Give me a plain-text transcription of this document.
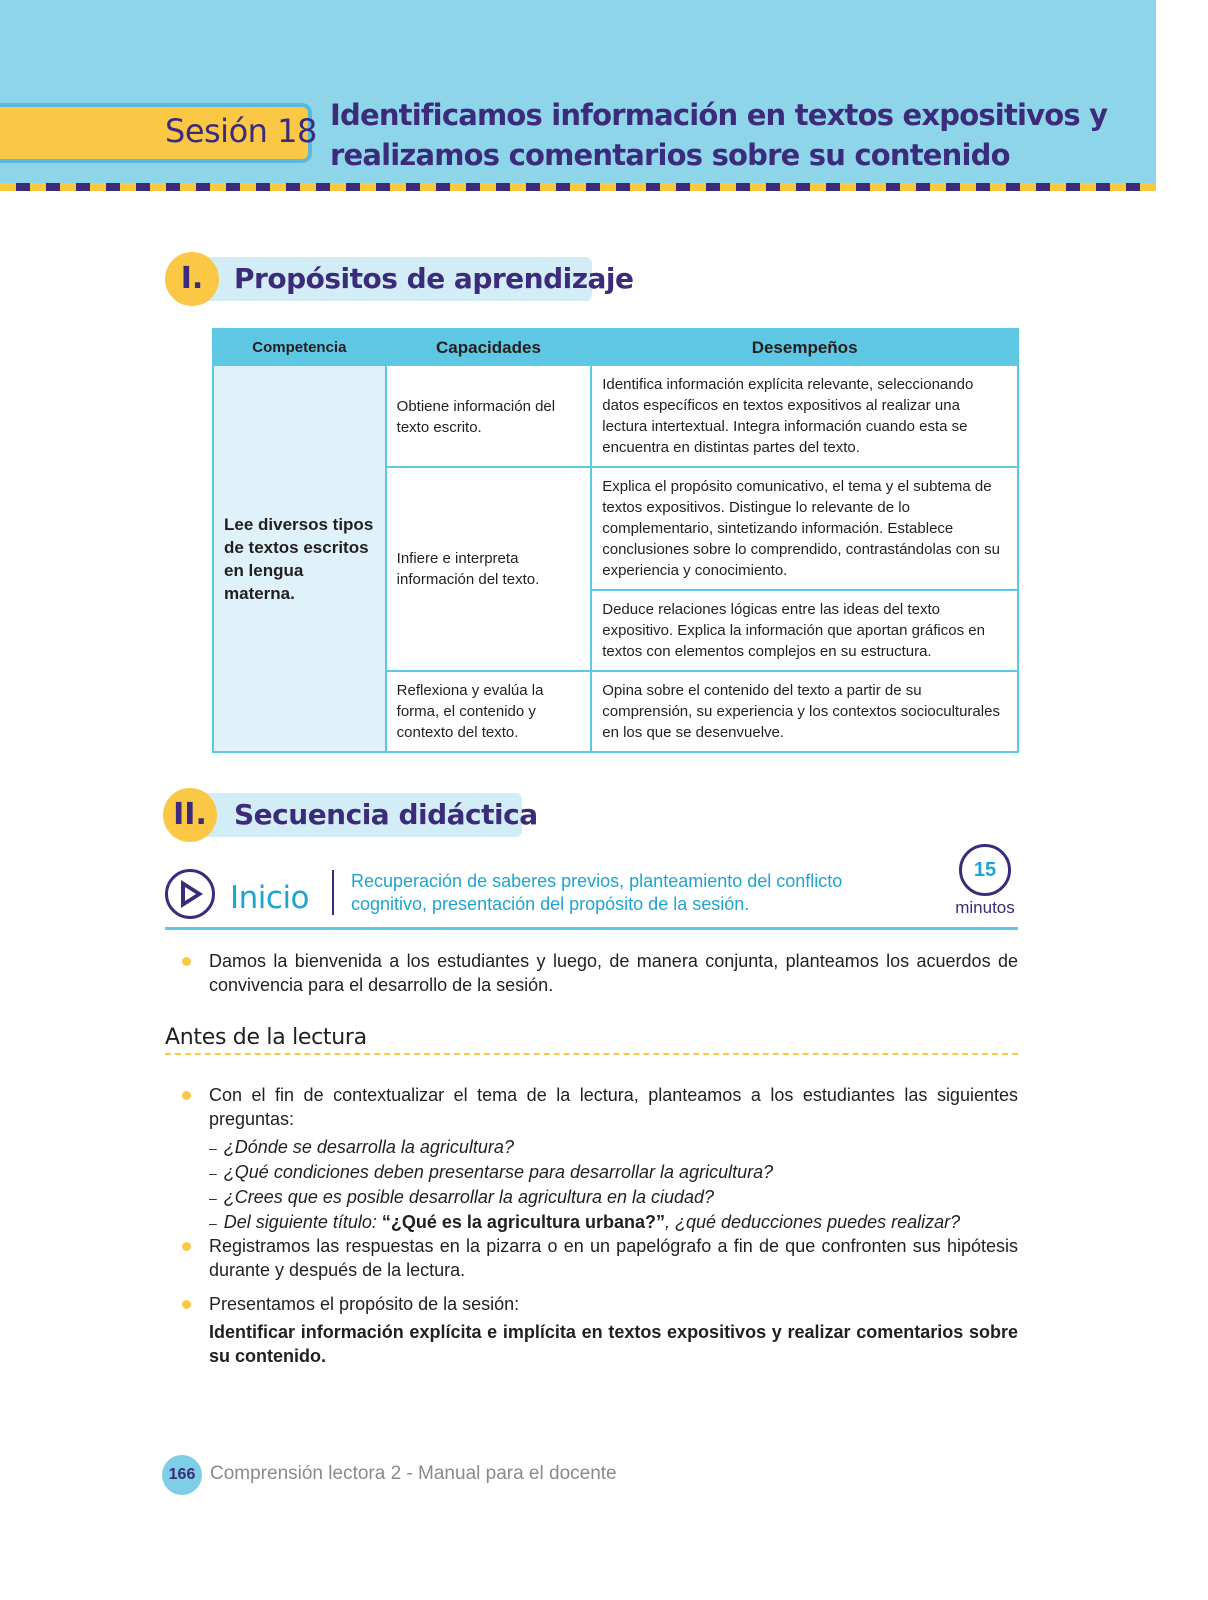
Sesión 18 Identificamos información en textos expositivos y
realizamos comentarios sobre su contenido
I.	Propósitos de aprendizaje
Competencia	Capacidades	Desempeños
Lee diversos tipos de textos escritos en lengua materna.	Obtiene información del texto escrito.	Identifica información explícita relevante, seleccionando datos específicos en textos expositivos al realizar una lectura intertextual. Integra información cuando esta se encuentra en distintas partes del texto.
	Infiere e interpreta información del texto.	Explica el propósito comunicativo, el tema y el subtema de textos expositivos. Distingue lo relevante de lo complementario, sintetizando información. Establece conclusiones sobre lo comprendido, contrastándolas con su experiencia y conocimiento.
		Deduce relaciones lógicas entre las ideas del texto expositivo. Explica la información que aportan gráficos en textos con elementos complejos en su estructura.
	Reflexiona y evalúa la forma, el contenido y contexto del texto.	Opina sobre el contenido del texto a partir de su comprensión, su experiencia y los contextos socioculturales en los que se desenvuelve.
II. Secuencia didáctica
Inicio Recuperación de saberes previos, planteamiento del conflicto cognitivo, presentación del propósito de la sesión.
15
minutos
Damos la bienvenida a los estudiantes y luego, de manera conjunta, planteamos los acuerdos de convivencia para el desarrollo de la sesión.
Antes de la lectura
Con el fin de contextualizar el tema de la lectura, planteamos a los estudiantes las siguientes preguntas:
– ¿Dónde se desarrolla la agricultura?
– ¿Qué condiciones deben presentarse para desarrollar la agricultura?
– ¿Crees que es posible desarrollar la agricultura en la ciudad?
– Del siguiente título: “¿Qué es la agricultura urbana?”, ¿qué deducciones puedes realizar?
Registramos las respuestas en la pizarra o en un papelógrafo a fin de que confronten sus hipótesis durante y después de la lectura.
Presentamos el propósito de la sesión:
Identificar información explícita e implícita en textos expositivos y realizar comentarios sobre su contenido.
166 Comprensión lectora 2 - Manual para el docente
